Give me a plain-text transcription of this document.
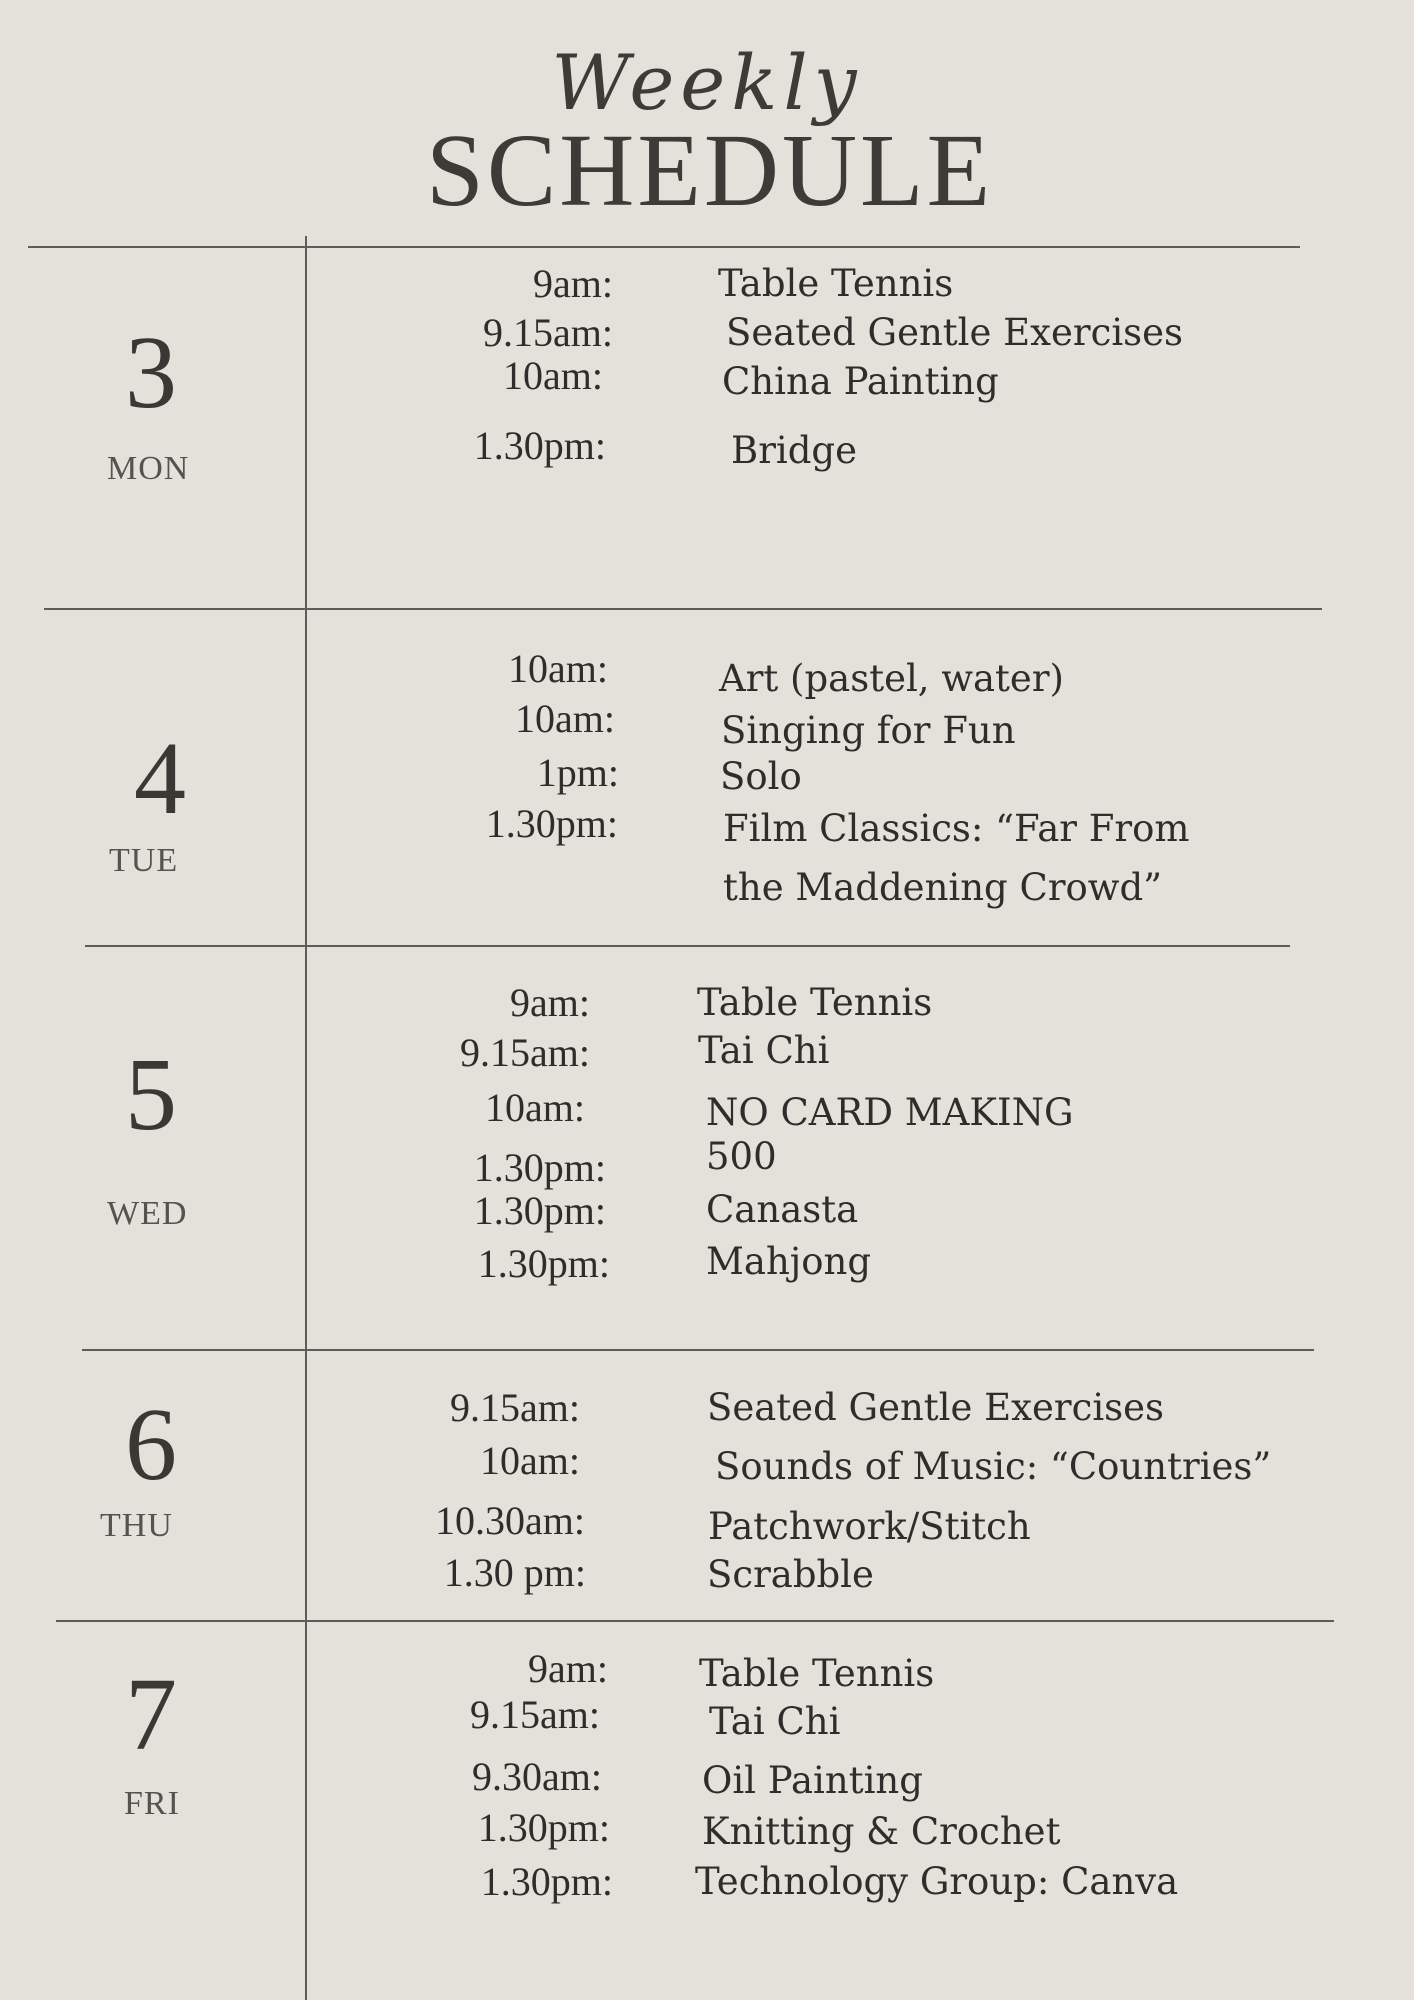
Weekly
SCHEDULE
3
MON
9am:	Table Tennis
9.15am:	Seated Gentle Exercises
10am:	China Painting
1.30pm:	Bridge
4
TUE
10am:	Art (pastel, water)
10am:	Singing for Fun
1pm:	Solo
1.30pm:	Film Classics: “Far From
the Maddening Crowd”
5
WED
9am:	Table Tennis
9.15am:	Tai Chi
10am:	NO CARD MAKING
1.30pm:	500
1.30pm:	Canasta
1.30pm:	Mahjong
6
THU
9.15am:	Seated Gentle Exercises
10am:	Sounds of Music: “Countries”
10.30am:	Patchwork/Stitch
1.30 pm:	Scrabble
7
FRI
9am: Table Tennis
9.15am:	Tai Chi
9.30am:	Oil Painting
1.30pm: Knitting & Crochet
1.30pm: Technology Group: Canva
